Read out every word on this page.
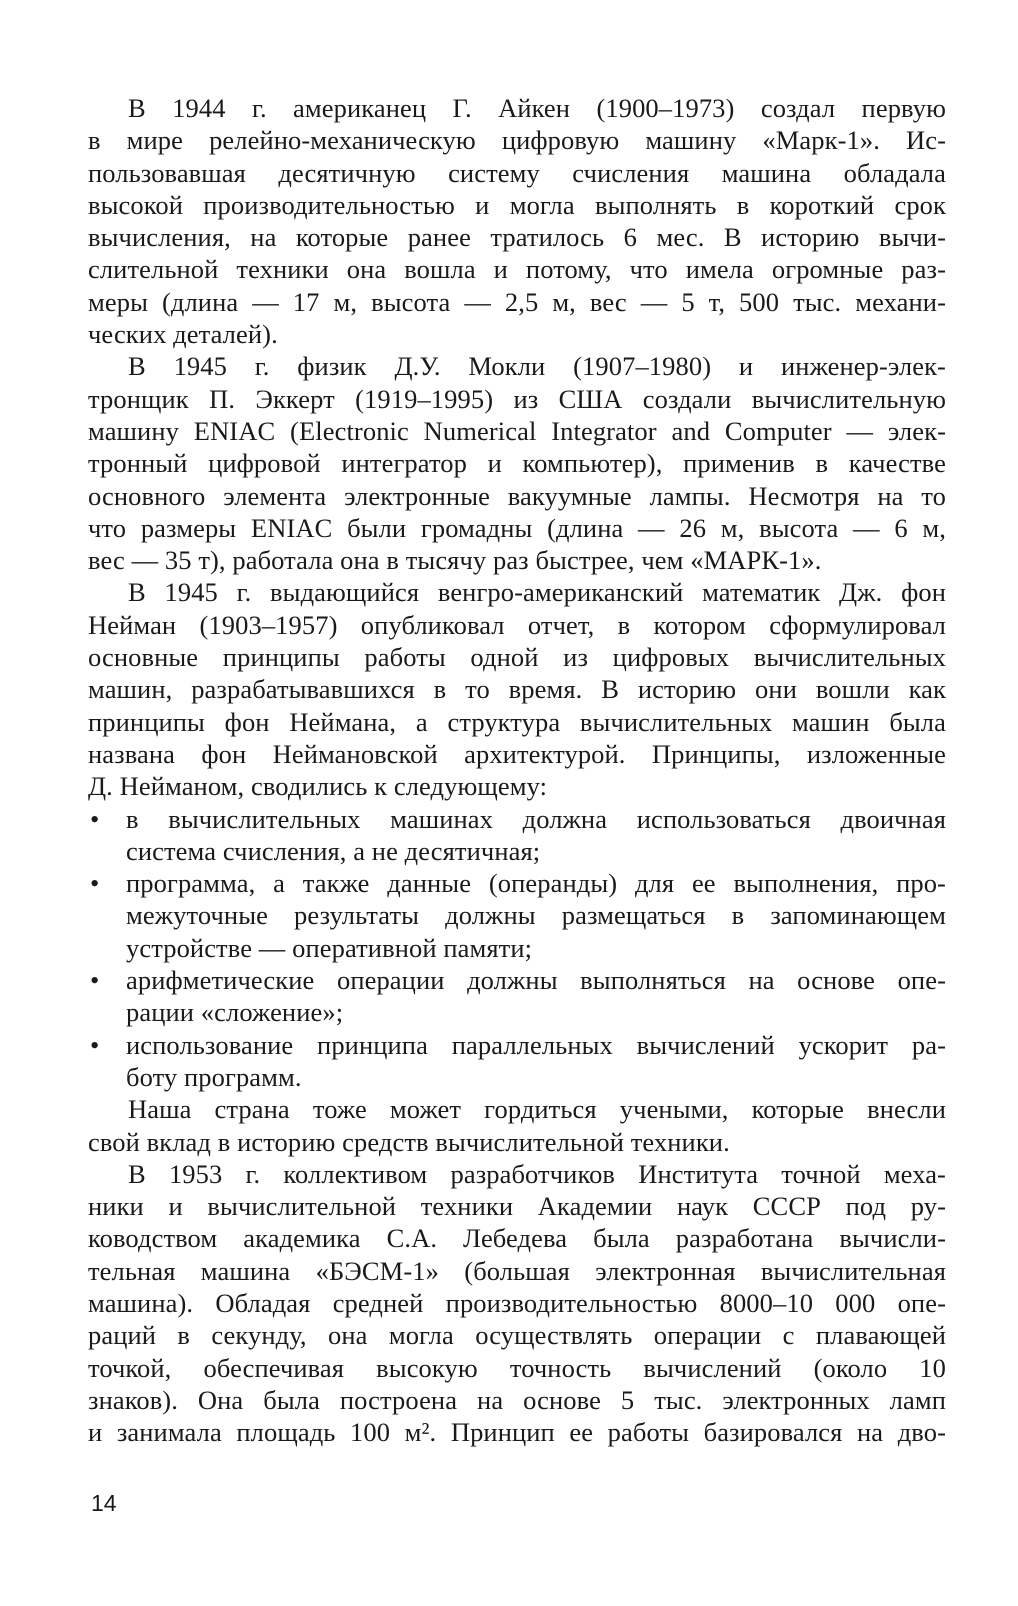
В 1944 г. американец Г. Айкен (1900–1973) создал первую
в мире релейно-механическую цифровую машину «Марк-1». Ис-
пользовавшая десятичную систему счисления машина обладала
высокой производительностью и могла выполнять в короткий срок
вычисления, на которые ранее тратилось 6 мес. В историю вычи-
слительной техники она вошла и потому, что имела огромные раз-
меры (длина — 17 м, высота — 2,5 м, вес — 5 т, 500 тыс. механи-
ческих деталей).
В 1945 г. физик Д.У. Мокли (1907–1980) и инженер-элек-
тронщик П. Эккерт (1919–1995) из США создали вычислительную
машину ENIAC (Electronic Numerical Integrator and Computer — элек-
тронный цифровой интегратор и компьютер), применив в качестве
основного элемента электронные вакуумные лампы. Несмотря на то
что размеры ENIAC были громадны (длина — 26 м, высота — 6 м,
вес — 35 т), работала она в тысячу раз быстрее, чем «МАРК-1».
В 1945 г. выдающийся венгро-американский математик Дж. фон
Нейман (1903–1957) опубликовал отчет, в котором сформулировал
основные принципы работы одной из цифровых вычислительных
машин, разрабатывавшихся в то время. В историю они вошли как
принципы фон Неймана, а структура вычислительных машин была
названа фон Неймановской архитектурой. Принципы, изложенные
Д. Нейманом, сводились к следующему:
• в вычислительных машинах должна использоваться двоичная
система счисления, а не десятичная;
• программа, а также данные (операнды) для ее выполнения, про-
межуточные результаты должны размещаться в запоминающем
устройстве — оперативной памяти;
• арифметические операции должны выполняться на основе опе-
рации «сложение»;
• использование принципа параллельных вычислений ускорит ра-
боту программ.
Наша страна тоже может гордиться учеными, которые внесли
свой вклад в историю средств вычислительной техники.
В 1953 г. коллективом разработчиков Института точной меха-
ники и вычислительной техники Академии наук СССР под ру-
ководством академика С.А. Лебедева была разработана вычисли-
тельная машина «БЭСМ-1» (большая электронная вычислительная
машина). Обладая средней производительностью 8000–10 000 опе-
раций в секунду, она могла осуществлять операции с плавающей
точкой, обеспечивая высокую точность вычислений (около 10
знаков). Она была построена на основе 5 тыс. электронных ламп
и занимала площадь 100 м². Принцип ее работы базировался на дво-
14
